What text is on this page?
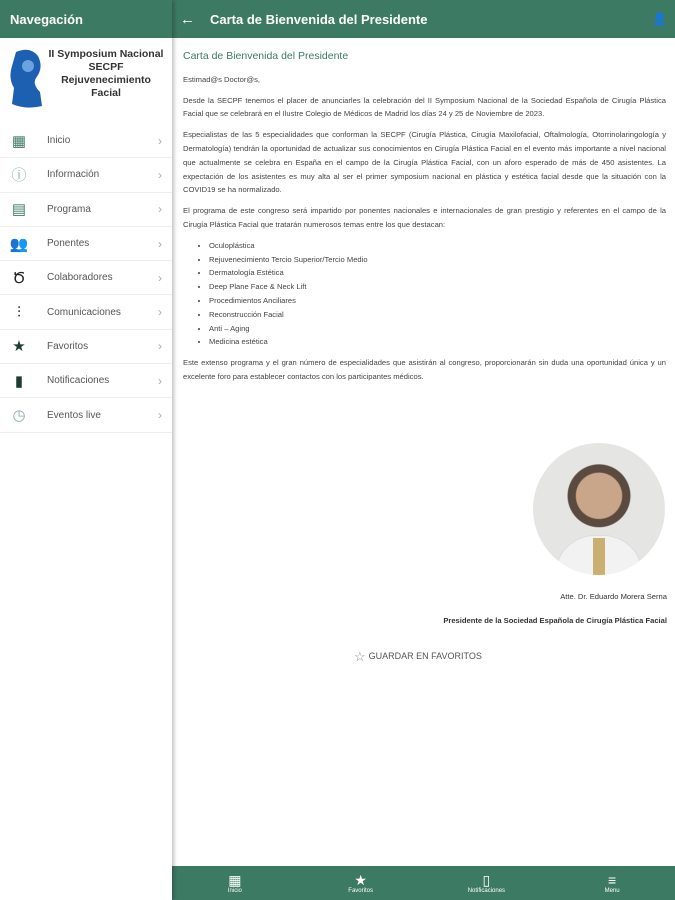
Navegación
II Symposium Nacional SECPF Rejuvenecimiento Facial
▦ Inicio	›
ⓘ Información	›
▤ Programa	›
👥 Ponentes	›
Ծ Colaboradores	›
⫶	Comunicaciones	›
★ Favoritos	›
▮	Notificaciones	›
◷ Eventos live	›
←	Carta de Bienvenida del Presidente	👤
Carta de Bienvenida del Presidente

Estimad@s Doctor@s,

Desde la SECPF tenemos el placer de anunciarles la celebración del II Symposium Nacional de la Sociedad Española de Cirugía Plástica Facial que se celebrará en el Ilustre Colegio de Médicos de Madrid los días 24 y 25 de Noviembre de 2023.

Especialistas de las 5 especialidades que conforman la SECPF (Cirugía Plástica, Cirugía Maxilofacial, Oftalmología, Otorrinolaringología y Dermatología) tendrán la oportunidad de actualizar sus conocimientos en Cirugía Plástica Facial en el evento más importante a nivel nacional que actualmente se celebra en España en el campo de la Cirugía Plástica Facial, con un aforo esperado de más de 450 asistentes. La expectación de los asistentes es muy alta al ser el primer symposium nacional en plástica y estética facial desde que la situación con la COVID19 se ha normalizado.

El programa de este congreso será impartido por ponentes nacionales e internacionales de gran prestigio y referentes en el campo de la Cirugía Plástica Facial que tratarán numerosos temas entre los que destacan:

• Oculoplástica
• Rejuvenecimiento Tercio Superior/Tercio Medio
• Dermatología Estética
• Deep Plane Face & Neck Lift
• Procedimientos Anciliares
• Reconstrucción Facial
• Anti – Aging
• Medicina estética

Este extenso programa y el gran número de especialidades que asistirán al congreso, proporcionarán sin duda una oportunidad única y un excelente foro para establecer contactos con los participantes médicos.

Atte. Dr. Eduardo Morera Serna
Presidente de la Sociedad Española de Cirugía Plástica Facial
☆ GUARDAR EN FAVORITOS
▦
Inicio
★
Favoritos
▯
Notificaciones
≡
Menu
